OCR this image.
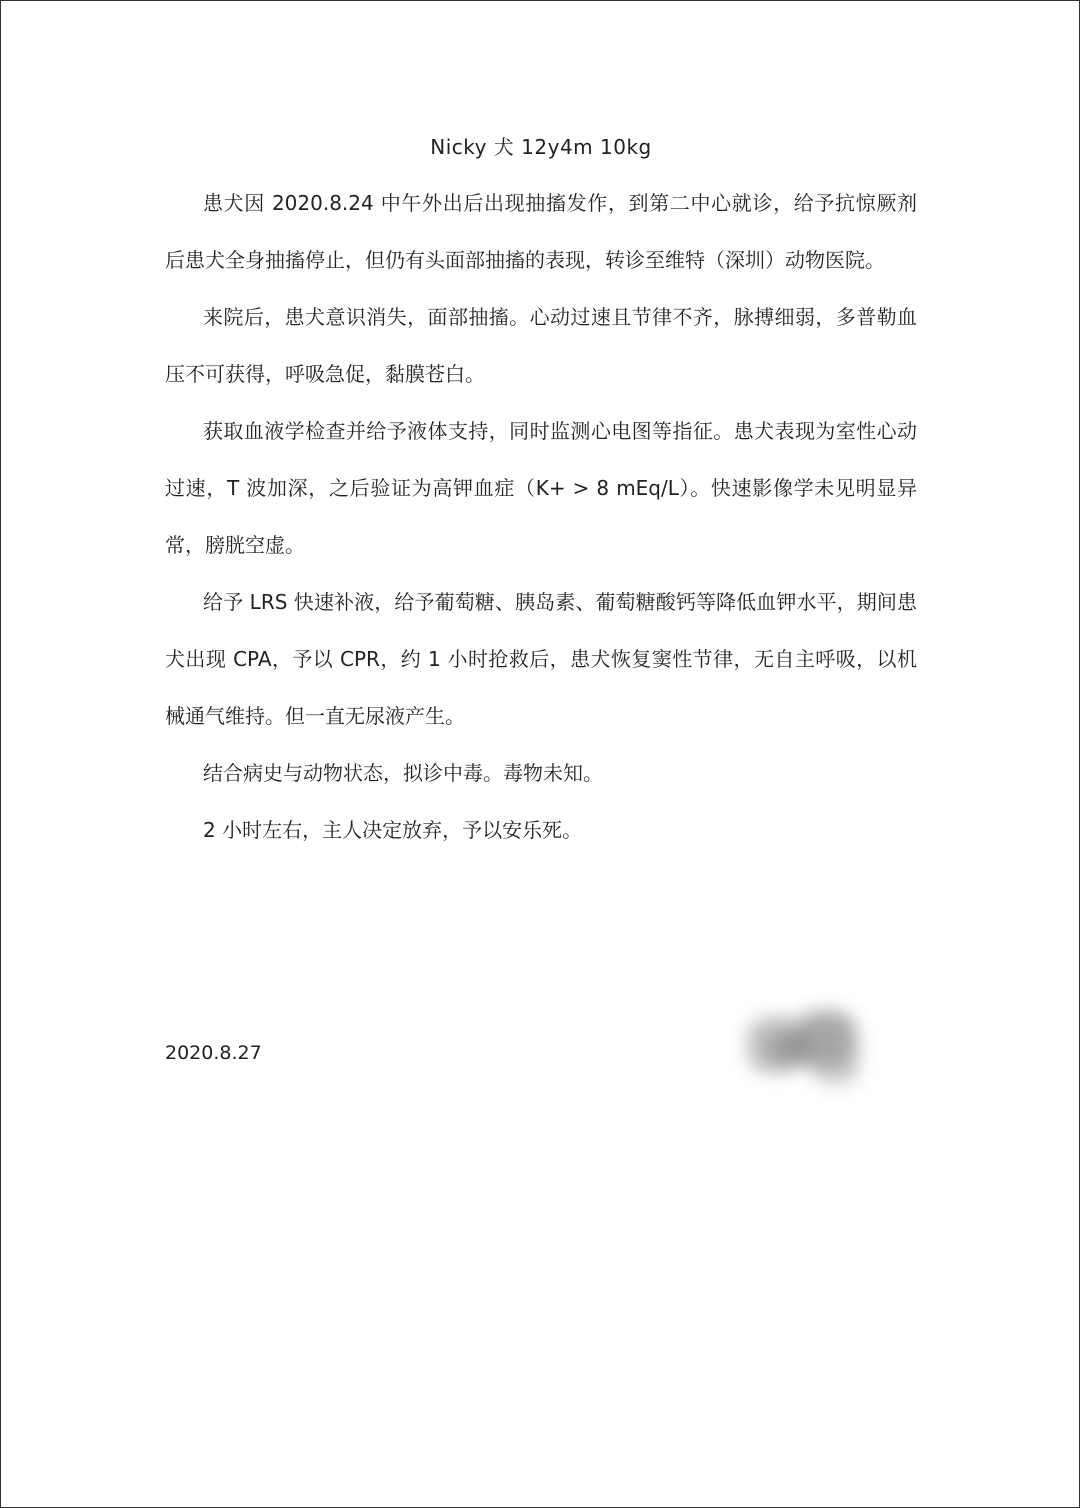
Nicky 犬 12y4m 10kg

患犬因 2020.8.24 中午外出后出现抽搐发作，到第二中心就诊，给予抗惊厥剂后患犬全身抽搐停止，但仍有头面部抽搐的表现，转诊至维特（深圳）动物医院。

来院后，患犬意识消失，面部抽搐。心动过速且节律不齐，脉搏细弱，多普勒血压不可获得，呼吸急促，黏膜苍白。

获取血液学检查并给予液体支持，同时监测心电图等指征。患犬表现为室性心动过速，T 波加深，之后验证为高钾血症（K+ > 8 mEq/L）。快速影像学未见明显异常，膀胱空虚。

给予 LRS 快速补液，给予葡萄糖、胰岛素、葡萄糖酸钙等降低血钾水平，期间患犬出现 CPA，予以 CPR，约 1 小时抢救后，患犬恢复窦性节律，无自主呼吸，以机械通气维持。但一直无尿液产生。

结合病史与动物状态，拟诊中毒。毒物未知。

2 小时左右，主人决定放弃，予以安乐死。

2020.8.27
